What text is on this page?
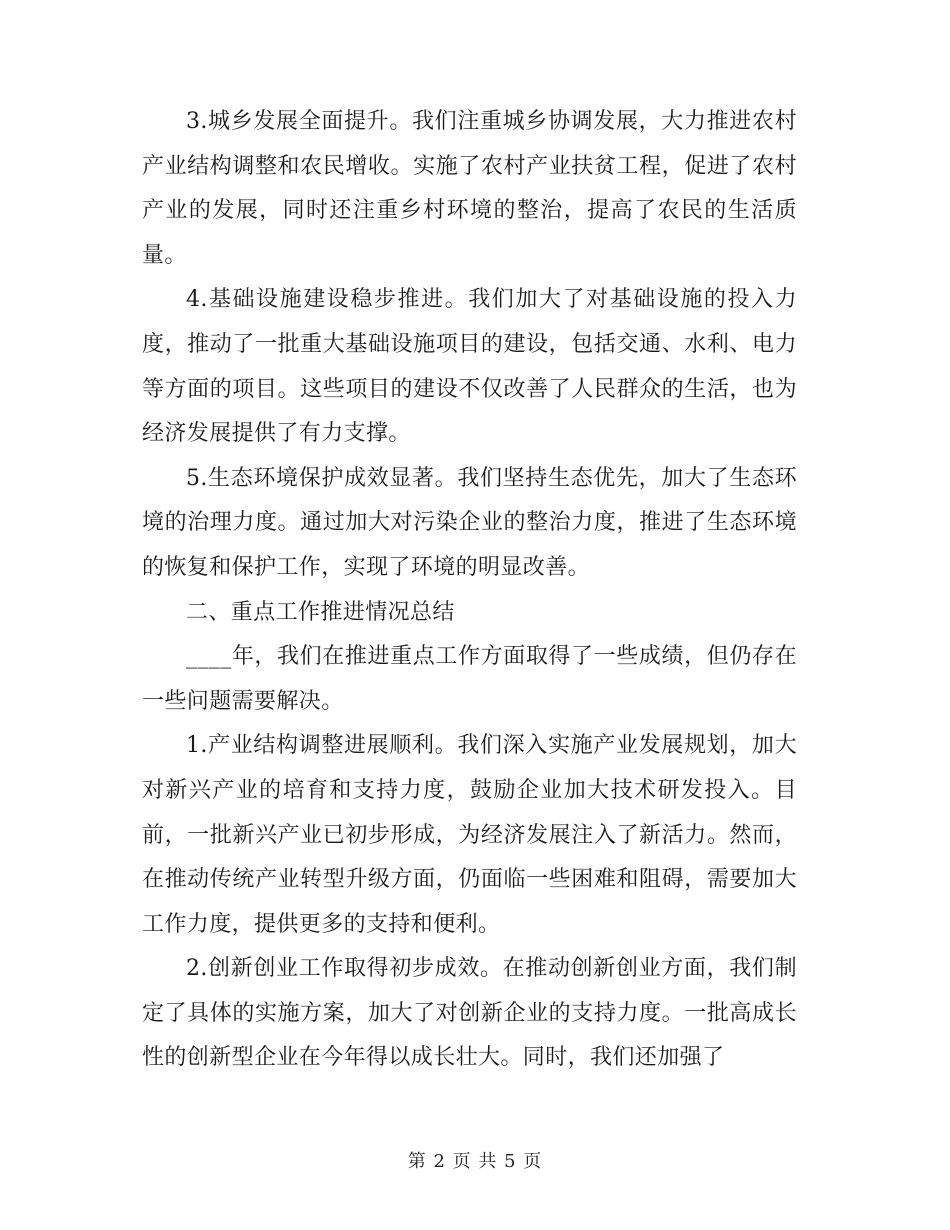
3.城乡发展全面提升。我们注重城乡协调发展，大力推进农村产业结构调整和农民增收。实施了农村产业扶贫工程，促进了农村产业的发展，同时还注重乡村环境的整治，提高了农民的生活质量。

4.基础设施建设稳步推进。我们加大了对基础设施的投入力度，推动了一批重大基础设施项目的建设，包括交通、水利、电力等方面的项目。这些项目的建设不仅改善了人民群众的生活，也为经济发展提供了有力支撑。

5.生态环境保护成效显著。我们坚持生态优先，加大了生态环境的治理力度。通过加大对污染企业的整治力度，推进了生态环境的恢复和保护工作，实现了环境的明显改善。

二、重点工作推进情况总结

____年，我们在推进重点工作方面取得了一些成绩，但仍存在一些问题需要解决。

1.产业结构调整进展顺利。我们深入实施产业发展规划，加大对新兴产业的培育和支持力度，鼓励企业加大技术研发投入。目前，一批新兴产业已初步形成，为经济发展注入了新活力。然而，在推动传统产业转型升级方面，仍面临一些困难和阻碍，需要加大工作力度，提供更多的支持和便利。

2.创新创业工作取得初步成效。在推动创新创业方面，我们制定了具体的实施方案，加大了对创新企业的支持力度。一批高成长性的创新型企业在今年得以成长壮大。同时，我们还加强了

第 2 页 共 5 页
